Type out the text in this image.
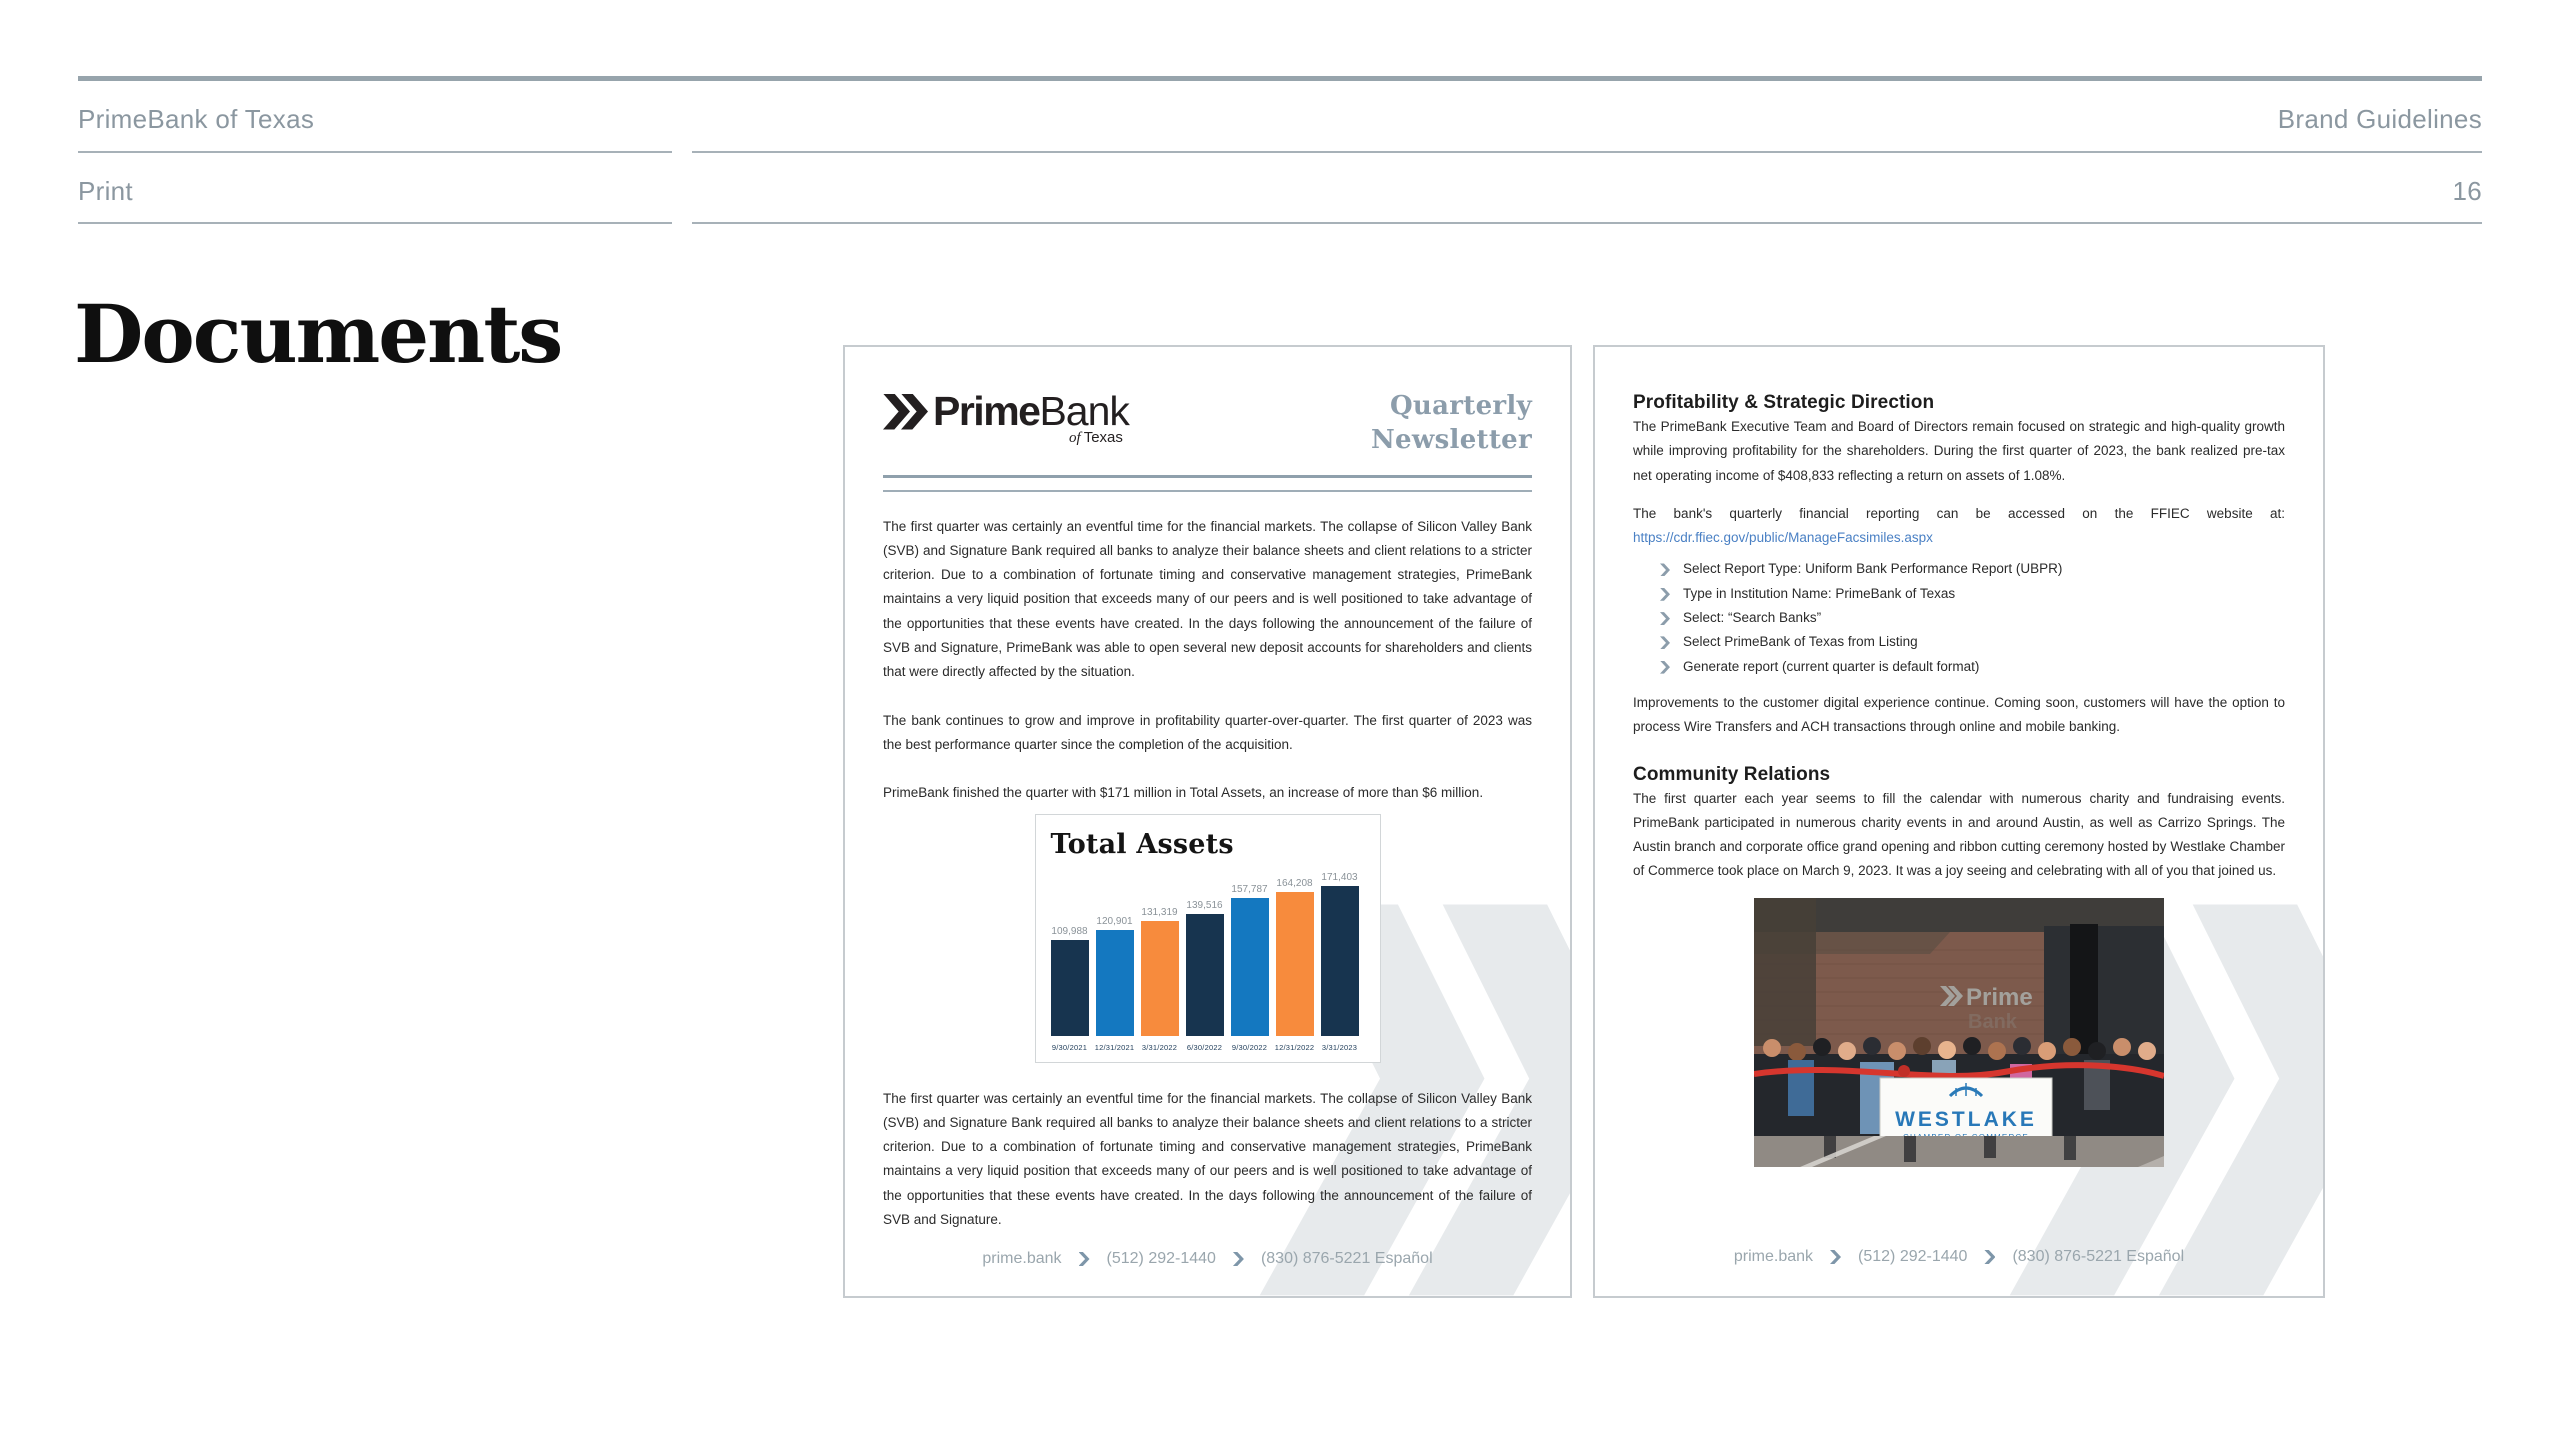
PrimeBank of Texas	Brand Guidelines
Print	16
Documents
Prime Bank
of Texas
Quarterly
Newsletter

The first quarter was certainly an eventful time for the financial markets. The collapse of Silicon Valley Bank (SVB) and Signature Bank required all banks to analyze their balance sheets and client relations to a stricter criterion. Due to a combination of fortunate timing and conservative management strategies, PrimeBank maintains a very liquid position that exceeds many of our peers and is well positioned to take advantage of the opportunities that these events have created. In the days following the announcement of the failure of SVB and Signature, PrimeBank was able to open several new deposit accounts for shareholders and clients that were directly affected by the situation.

The bank continues to grow and improve in profitability quarter-over-quarter. The first quarter of 2023 was the best performance quarter since the completion of the acquisition.

PrimeBank finished the quarter with $171 million in Total Assets, an increase of more than $6 million.

Total Assets
109,988
9/30/2021
120,901
12/31/2021
131,319
3/31/2022
139,516
6/30/2022
157,787
9/30/2022
164,208
12/31/2022
171,403
3/31/2023

The first quarter was certainly an eventful time for the financial markets. The collapse of Silicon Valley Bank (SVB) and Signature Bank required all banks to analyze their balance sheets and client relations to a stricter criterion. Due to a combination of fortunate timing and conservative management strategies, PrimeBank maintains a very liquid position that exceeds many of our peers and is well positioned to take advantage of the opportunities that these events have created. In the days following the announcement of the failure of SVB and Signature.

prime.bank	(512) 292-1440	(830) 876-5221 Español
Profitability & Strategic Direction

The PrimeBank Executive Team and Board of Directors remain focused on strategic and high-quality growth while improving profitability for the shareholders. During the first quarter of 2023, the bank realized pre-tax net operating income of $408,833 reflecting a return on assets of 1.08%.

The bank's quarterly financial reporting can be accessed on the FFIEC website at: https://cdr.ffiec.gov/public/ManageFacsimiles.aspx

Select Report Type: Uniform Bank Performance Report (UBPR)
Type in Institution Name: PrimeBank of Texas
Select: “Search Banks”
Select PrimeBank of Texas from Listing
Generate report (current quarter is default format)

Improvements to the customer digital experience continue. Coming soon, customers will have the option to process Wire Transfers and ACH transactions through online and mobile banking.

Community Relations

The first quarter each year seems to fill the calendar with numerous charity and fundraising events. PrimeBank participated in numerous charity events in and around Austin, as well as Carrizo Springs. The Austin branch and corporate office grand opening and ribbon cutting ceremony hosted by Westlake Chamber of Commerce took place on March 9, 2023. It was a joy seeing and celebrating with all of you that joined us.

Prime
Bank
WESTLAKE
prime.bank	(512) 292-1440	(830) 876-5221 Español
